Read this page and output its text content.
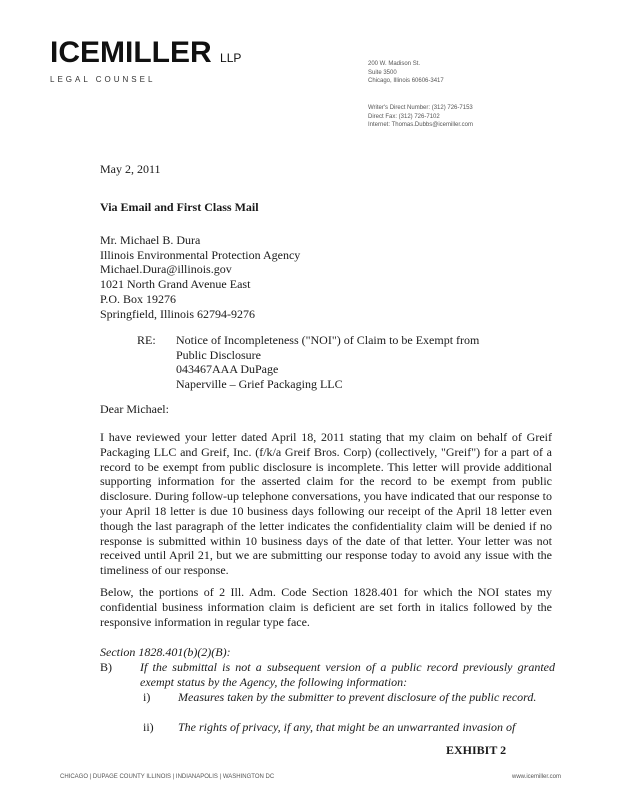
ICEMILLER LLP
LEGAL COUNSEL
200 W. Madison St.
Suite 3500
Chicago, Illinois 60606-3417
Writer's Direct Number: (312) 726-7153
Direct Fax: (312) 726-7102
Internet: Thomas.Dubbs@icemiller.com
May 2, 2011
Via Email and First Class Mail
Mr. Michael B. Dura
Illinois Environmental Protection Agency
Michael.Dura@illinois.gov
1021 North Grand Avenue East
P.O. Box 19276
Springfield, Illinois 62794-9276
RE: Notice of Incompleteness ("NOI") of Claim to be Exempt from
Public Disclosure
043467AAA DuPage
Naperville – Grief Packaging LLC
Dear Michael:
I have reviewed your letter dated April 18, 2011 stating that my claim on behalf of Greif Packaging LLC and Greif, Inc. (f/k/a Greif Bros. Corp) (collectively, "Greif") for a part of a record to be exempt from public disclosure is incomplete. This letter will provide additional supporting information for the asserted claim for the record to be exempt from public disclosure. During follow-up telephone conversations, you have indicated that our response to your April 18 letter is due 10 business days following our receipt of the April 18 letter even though the last paragraph of the letter indicates the confidentiality claim will be denied if no response is submitted within 10 business days of the date of that letter. Your letter was not received until April 21, but we are submitting our response today to avoid any issue with the timeliness of our response.
Below, the portions of 2 Ill. Adm. Code Section 1828.401 for which the NOI states my confidential business information claim is deficient are set forth in italics followed by the responsive information in regular type face.
Section 1828.401(b)(2)(B):
B) If the submittal is not a subsequent version of a public record previously granted exempt status by the Agency, the following information:
i) Measures taken by the submitter to prevent disclosure of the public record.
ii) The rights of privacy, if any, that might be an unwarranted invasion of
EXHIBIT 2
CHICAGO | DUPAGE COUNTY ILLINOIS | INDIANAPOLIS | WASHINGTON DC	www.icemiller.com
